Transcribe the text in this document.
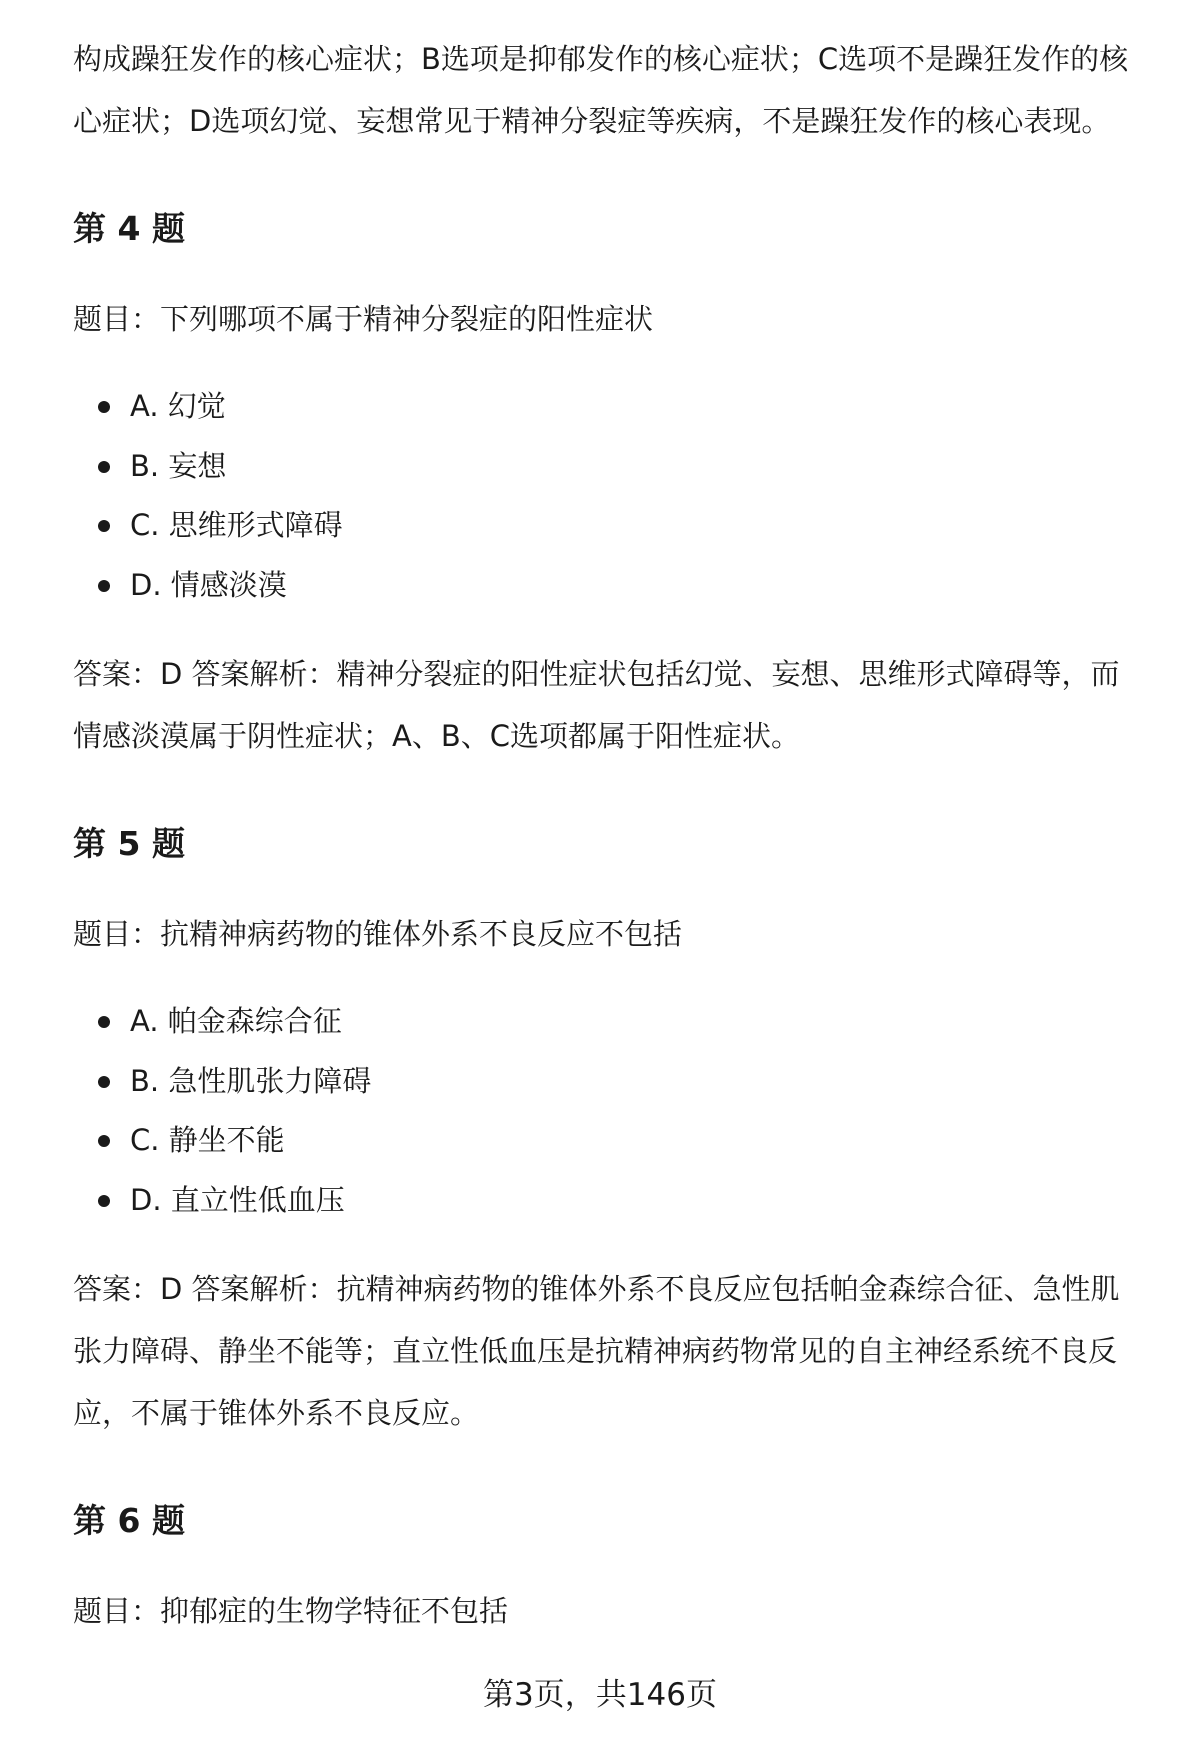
构成躁狂发作的核心症状；B选项是抑郁发作的核心症状；C选项不是躁狂发作的核心症状；D选项幻觉、妄想常见于精神分裂症等疾病，不是躁狂发作的核心表现。

第 4 题

题目：下列哪项不属于精神分裂症的阳性症状

A. 幻觉
B. 妄想
C. 思维形式障碍
D. 情感淡漠

答案：D 答案解析：精神分裂症的阳性症状包括幻觉、妄想、思维形式障碍等，而情感淡漠属于阴性症状；A、B、C选项都属于阳性症状。

第 5 题

题目：抗精神病药物的锥体外系不良反应不包括

A. 帕金森综合征
B. 急性肌张力障碍
C. 静坐不能
D. 直立性低血压

答案：D 答案解析：抗精神病药物的锥体外系不良反应包括帕金森综合征、急性肌张力障碍、静坐不能等；直立性低血压是抗精神病药物常见的自主神经系统不良反应，不属于锥体外系不良反应。

第 6 题

题目：抑郁症的生物学特征不包括

第3页，共146页
